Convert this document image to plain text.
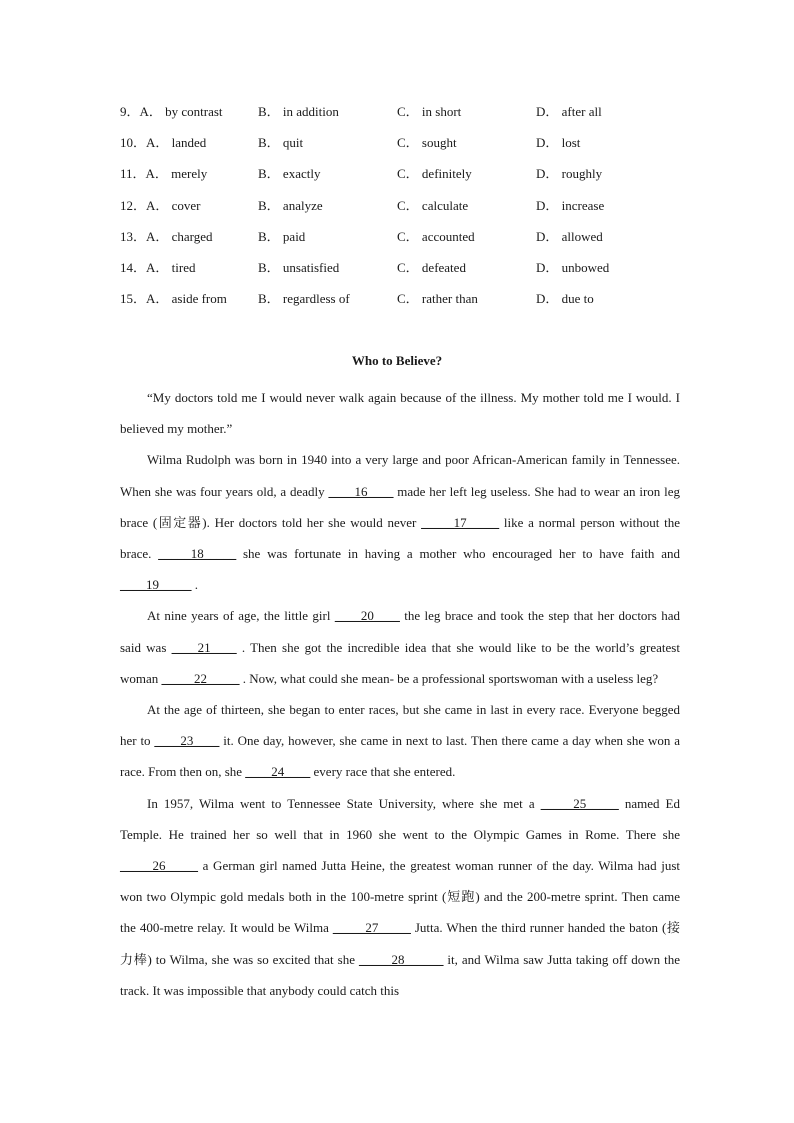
9．A． by contrast	B． in addition	C． in short	D． after all
10．A． landed	B． quit	C． sought	D． lost
11．A． merely	B． exactly	C． definitely	D． roughly
12．A． cover	B． analyze	C． calculate	D． increase
13．A． charged	B． paid	C． accounted	D． allowed
14．A． tired	B． unsatisfied	C． defeated	D． unbowed
15．A． aside from B． regardless of	C． rather than	D． due to
Who to Believe?

“My doctors told me I would never walk again because of the illness. My mother told me I would. I believed my mother.”

Wilma Rudolph was born in 1940 into a very large and poor African-American family in Tennessee. When she was four years old, a deadly ____16____ made her left leg useless. She had to wear an iron leg brace (固定器). Her doctors told her she would never _____17_____ like a normal person without the brace. _____18_____ she was fortunate in having a mother who encouraged her to have faith and ____19_____ .

At nine years of age, the little girl ____20____ the leg brace and took the step that her doctors had said was ____21____ . Then she got the incredible idea that she would like to be the world’s greatest woman _____22_____ . Now, what could she mean- be a professional sportswoman with a useless leg?

At the age of thirteen, she began to enter races, but she came in last in every race. Everyone begged her to ____23____ it. One day, however, she came in next to last. Then there came a day when she won a race. From then on, she ____24____ every race that she entered.

In 1957, Wilma went to Tennessee State University, where she met a _____25_____ named Ed Temple. He trained her so well that in 1960 she went to the Olympic Games in Rome. There she _____26_____ a German girl named Jutta Heine, the greatest woman runner of the day. Wilma had just won two Olympic gold medals both in the 100-metre sprint (短跑) and the 200-metre sprint. Then came the 400-metre relay. It would be Wilma _____27_____ Jutta. When the third runner handed the baton (接力棒) to Wilma, she was so excited that she _____28______ it, and Wilma saw Jutta taking off down the track. It was impossible that anybody could catch this
